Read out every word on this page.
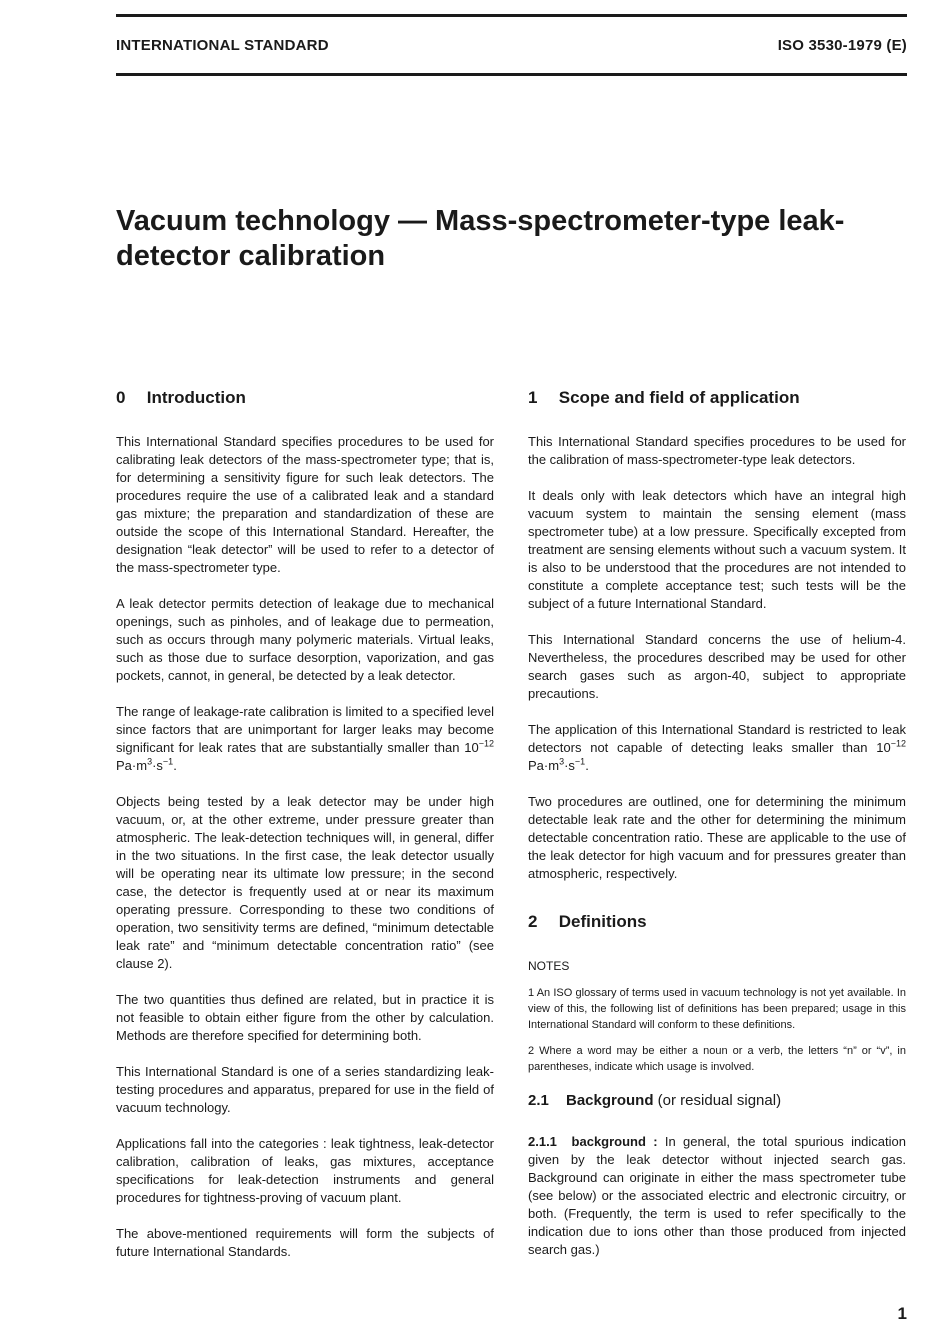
INTERNATIONAL STANDARD	ISO 3530-1979 (E)
Vacuum technology — Mass-spectrometer-type leak-detector calibration
0 Introduction

This International Standard specifies procedures to be used for calibrating leak detectors of the mass-spectrometer type; that is, for determining a sensitivity figure for such leak detectors. The procedures require the use of a calibrated leak and a standard gas mixture; the preparation and standardization of these are outside the scope of this International Standard. Hereafter, the designation “leak detector” will be used to refer to a detector of the mass-spectrometer type.

A leak detector permits detection of leakage due to mechanical openings, such as pinholes, and of leakage due to permeation, such as occurs through many polymeric materials. Virtual leaks, such as those due to surface desorption, vaporization, and gas pockets, cannot, in general, be detected by a leak detector.

The range of leakage-rate calibration is limited to a specified level since factors that are unimportant for larger leaks may become significant for leak rates that are substantially smaller than $10^{-12}$ $Pa\cdot m^3\cdot s^{-1}$.

Objects being tested by a leak detector may be under high vacuum, or, at the other extreme, under pressure greater than atmospheric. The leak-detection techniques will, in general, differ in the two situations. In the first case, the leak detector usually will be operating near its ultimate low pressure; in the second case, the detector is frequently used at or near its maximum operating pressure. Corresponding to these two conditions of operation, two sensitivity terms are defined, “minimum detectable leak rate” and “minimum detectable concentration ratio” (see clause 2).

The two quantities thus defined are related, but in practice it is not feasible to obtain either figure from the other by calculation. Methods are therefore specified for determining both.

This International Standard is one of a series standardizing leak-testing procedures and apparatus, prepared for use in the field of vacuum technology.

Applications fall into the categories : leak tightness, leak-detector calibration, calibration of leaks, gas mixtures, acceptance specifications for leak-detection instruments and general procedures for tightness-proving of vacuum plant.

The above-mentioned requirements will form the subjects of future International Standards.

1 Scope and field of application

This International Standard specifies procedures to be used for the calibration of mass-spectrometer-type leak detectors.

It deals only with leak detectors which have an integral high vacuum system to maintain the sensing element (mass spectrometer tube) at a low pressure. Specifically excepted from treatment are sensing elements without such a vacuum system. It is also to be understood that the procedures are not intended to constitute a complete acceptance test; such tests will be the subject of a future International Standard.

This International Standard concerns the use of helium-4. Nevertheless, the procedures described may be used for other search gases such as argon-40, subject to appropriate precautions.

The application of this International Standard is restricted to leak detectors not capable of detecting leaks smaller than $10^{-12}$ $Pa\cdot m^3\cdot s^{-1}$.

Two procedures are outlined, one for determining the minimum detectable leak rate and the other for determining the minimum detectable concentration ratio. These are applicable to the use of the leak detector for high vacuum and for pressures greater than atmospheric, respectively.

2 Definitions

NOTES

1 An ISO glossary of terms used in vacuum technology is not yet available. In view of this, the following list of definitions has been prepared; usage in this International Standard will conform to these definitions.

2 Where a word may be either a noun or a verb, the letters “n” or “v”, in parentheses, indicate which usage is involved.

2.1 Background (or residual signal)

2.1.1 background : In general, the total spurious indication given by the leak detector without injected search gas. Background can originate in either the mass spectrometer tube (see below) or the associated electric and electronic circuitry, or both. (Frequently, the term is used to refer specifically to the indication due to ions other than those produced from injected search gas.)

1
